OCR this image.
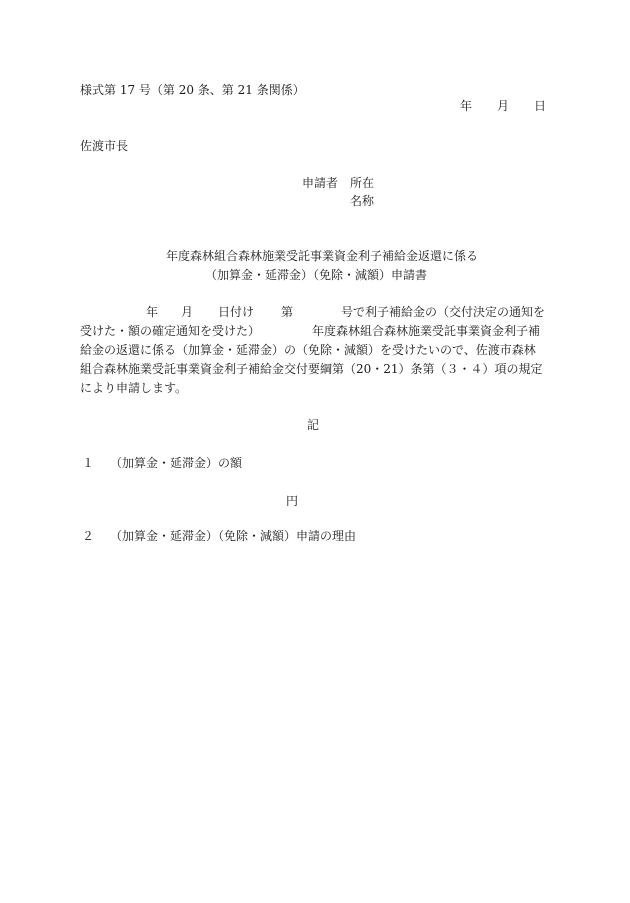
様式第 17 号（第 20 条、第 21 条関係）
年 月 日
佐渡市長
申請者 所在
名称
年度森林組合森林施業受託事業資金利子補給金返還に係る
（加算金・延滞金）（免除・減額）申請書
年 月 日付け 第	号で利子補給金の（交付決定の通知を
受けた・額の確定通知を受けた）	年度森林組合森林施業受託事業資金利子補
給金の返還に係る（加算金・延滞金）の（免除・減額）を受けたいので、佐渡市森林
組合森林施業受託事業資金利子補給金交付要綱第（20・21）条第（３・４）項の規定
により申請します。
記
１ （加算金・延滞金）の額
円
２ （加算金・延滞金）（免除・減額）申請の理由
